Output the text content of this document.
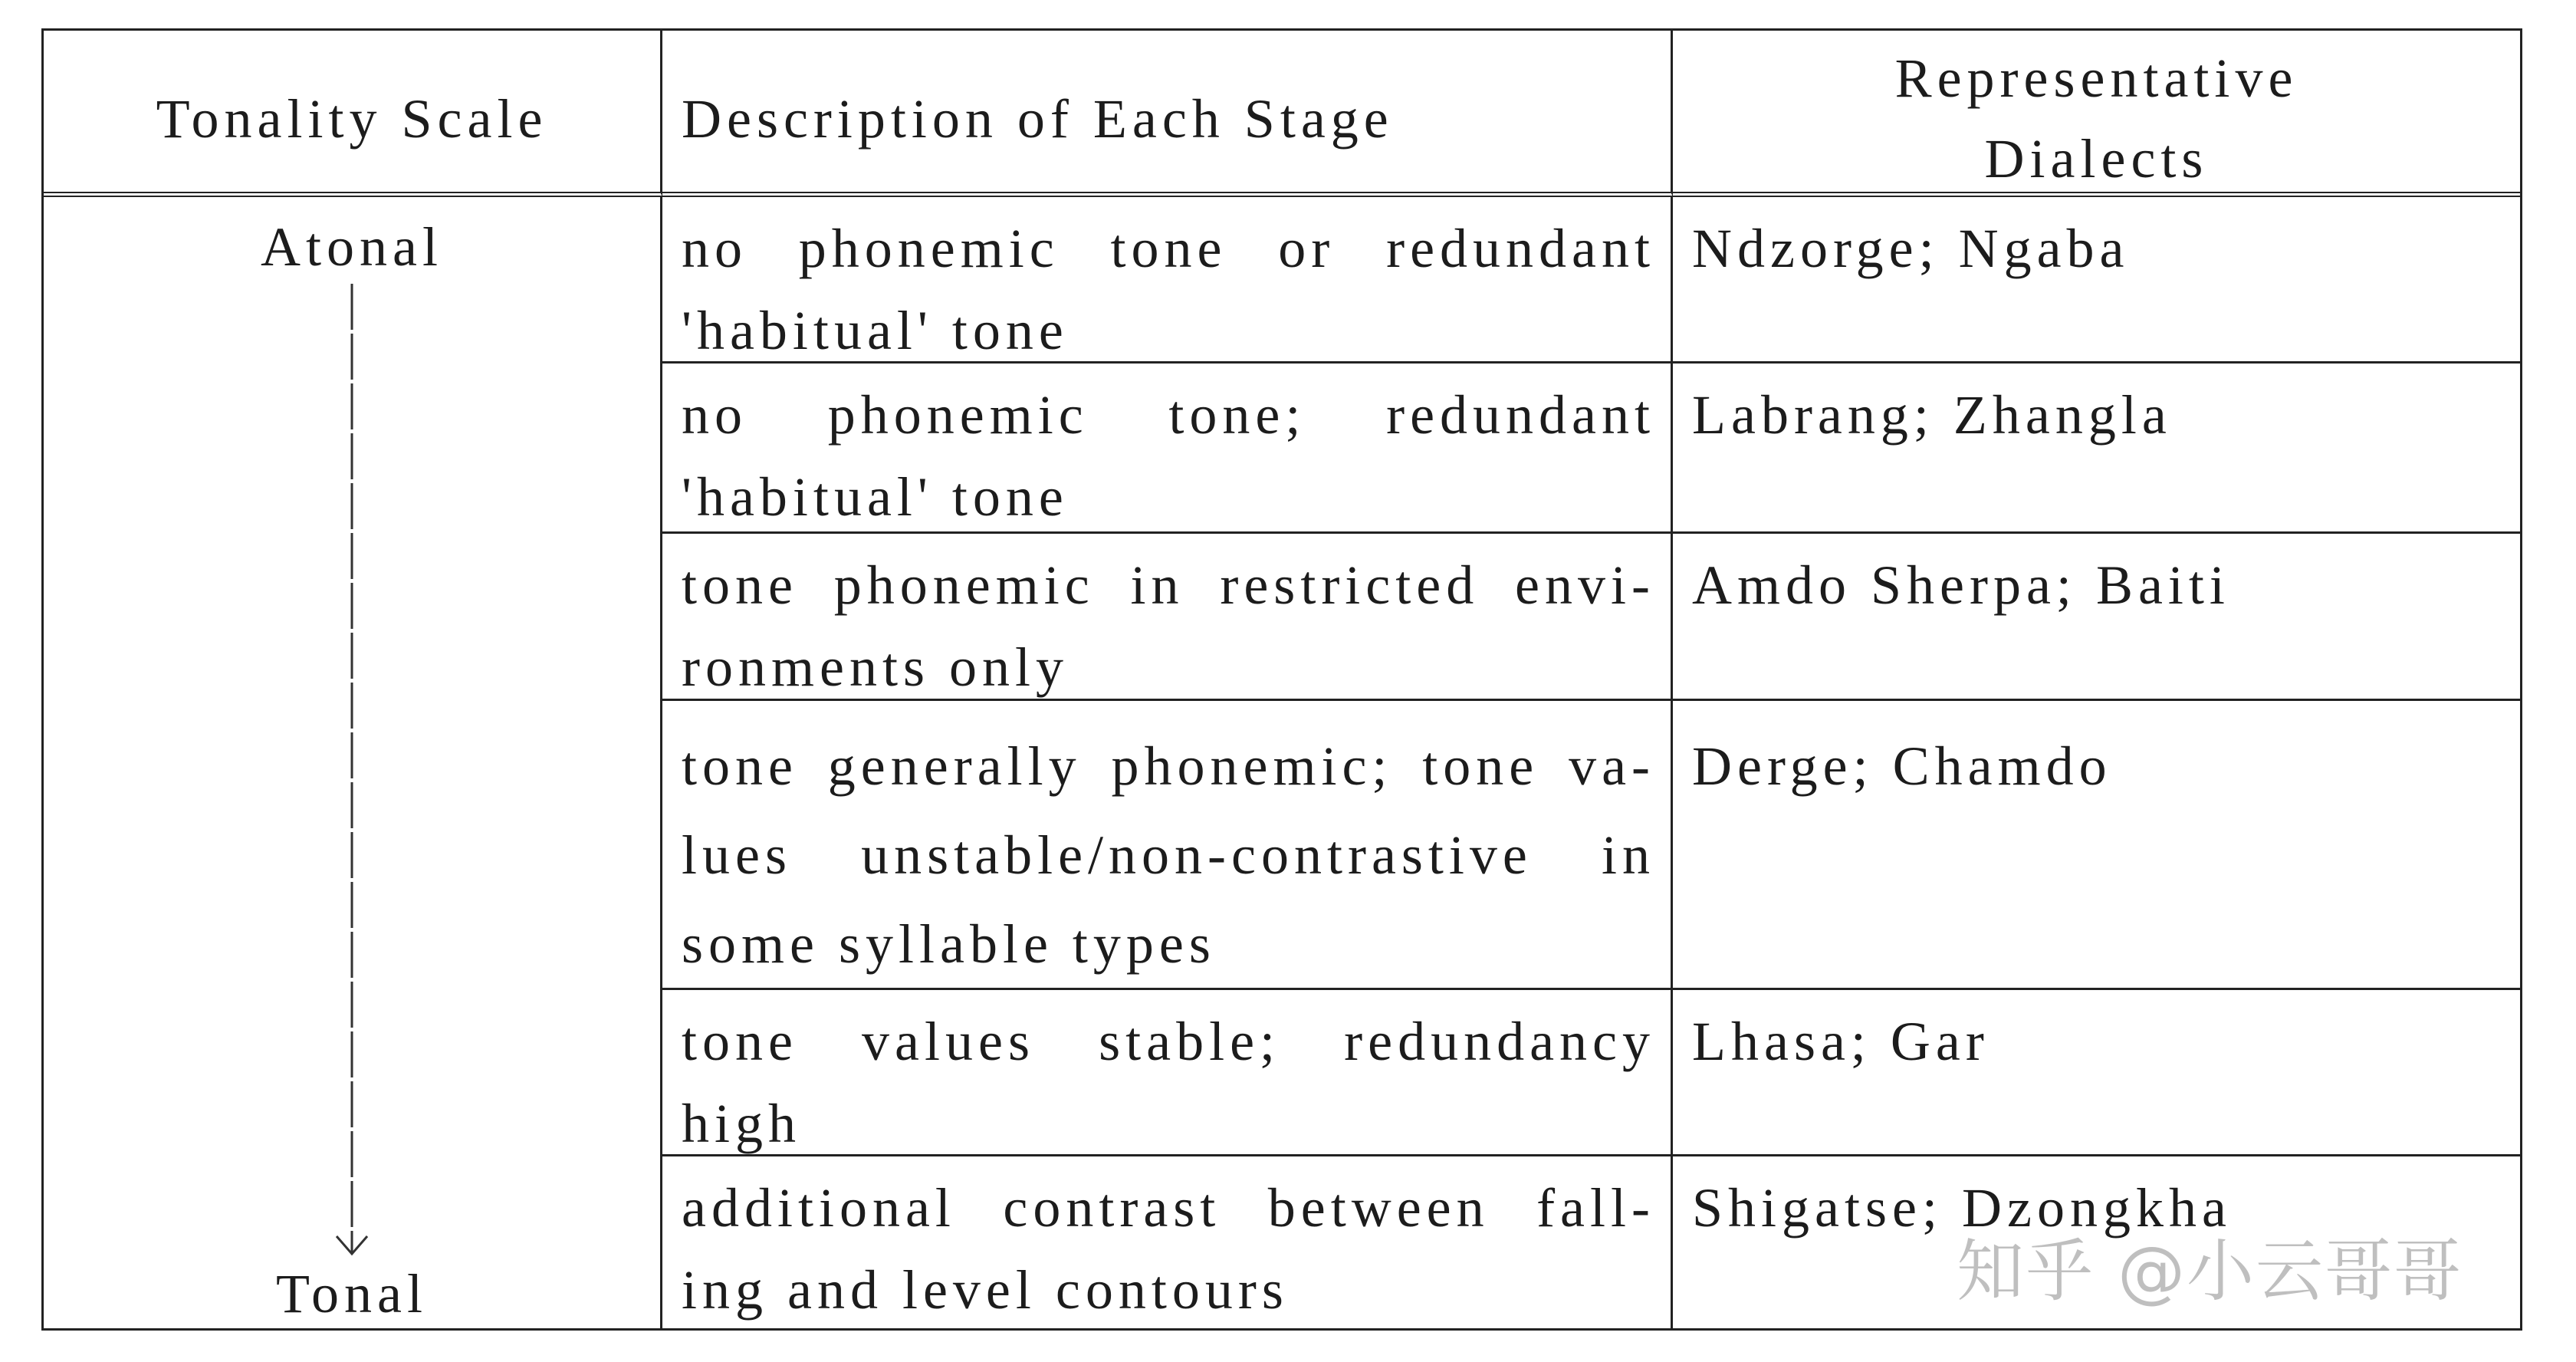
Tonality Scale Description of Each Stage
Representative
Dialects
Atonal
Tonal
no phonemic tone or redundant
'habitual' tone
Ndzorge; Ngaba
no phonemic tone; redundant
'habitual' tone
Labrang; Zhangla
tone phonemic in restricted envi-
ronments only
Amdo Sherpa; Baiti
tone generally phonemic; tone va-
lues unstable/non-contrastive in
some syllable types
Derge; Chamdo
tone values stable; redundancy
high
Lhasa; Gar
additional contrast between fall-
ing and level contours
Shigatse; Dzongkha
知乎 @小云哥哥
